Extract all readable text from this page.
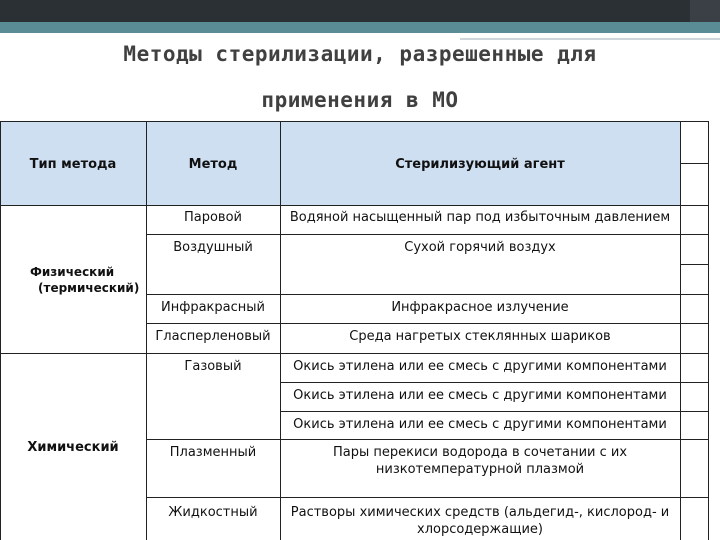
Методы стерилизации, разрешенные для
применения в МО
Тип метода	Метод	Стерилизующий агент
Физический
(термический)
Химический
Паровой
Воздушный
Инфракрасный
Гласперленовый
Газовый
Плазменный
Жидкостный
Водяной насыщенный пар под избыточным давлением
Сухой горячий воздух
Инфракрасное излучение
Среда нагретых стеклянных шариков
Окись этилена или ее смесь с другими компонентами
Окись этилена или ее смесь с другими компонентами
Окись этилена или ее смесь с другими компонентами
Пары перекиси водорода в сочетании с их
низкотемпературной плазмой
Растворы химических средств (альдегид-, кислород- и
хлорсодержащие)
